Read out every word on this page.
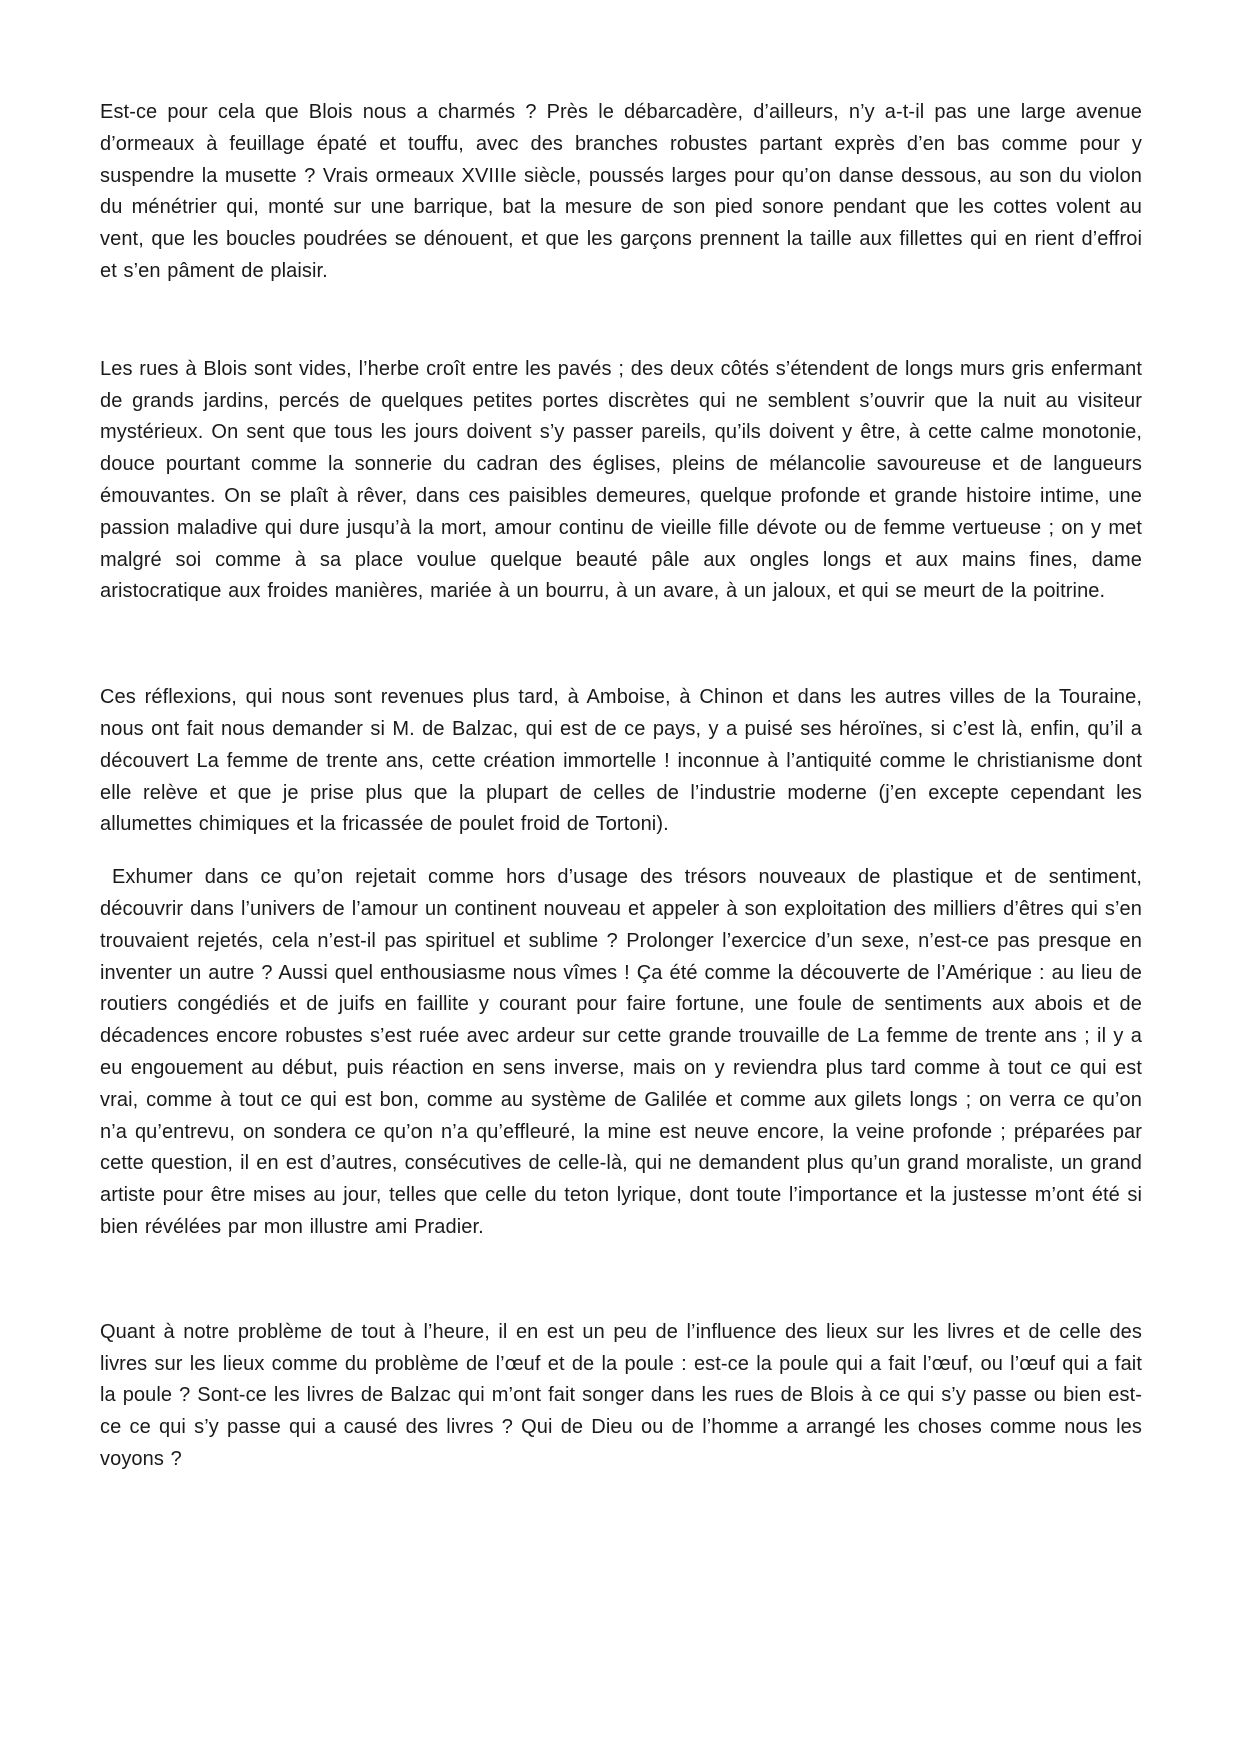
Est-ce pour cela que Blois nous a charmés ? Près le débarcadère, d’ailleurs, n’y a-t-il pas une large avenue d’ormeaux à feuillage épaté et touffu, avec des branches robustes partant exprès d’en bas comme pour y suspendre la musette ? Vrais ormeaux XVIIIe siècle, poussés larges pour qu’on danse dessous, au son du violon du ménétrier qui, monté sur une barrique, bat la mesure de son pied sonore pendant que les cottes volent au vent, que les boucles poudrées se dénouent, et que les garçons prennent la taille aux fillettes qui en rient d’effroi et s’en pâment de plaisir.

Les rues à Blois sont vides, l’herbe croît entre les pavés ; des deux côtés s’étendent de longs murs gris enfermant de grands jardins, percés de quelques petites portes discrètes qui ne semblent s’ouvrir que la nuit au visiteur mystérieux. On sent que tous les jours doivent s’y passer pareils, qu’ils doivent y être, à cette calme monotonie, douce pourtant comme la sonnerie du cadran des églises, pleins de mélancolie savoureuse et de langueurs émouvantes. On se plaît à rêver, dans ces paisibles demeures, quelque profonde et grande histoire intime, une passion maladive qui dure jusqu’à la mort, amour continu de vieille fille dévote ou de femme vertueuse ; on y met malgré soi comme à sa place voulue quelque beauté pâle aux ongles longs et aux mains fines, dame aristocratique aux froides manières, mariée à un bourru, à un avare, à un jaloux, et qui se meurt de la poitrine.

Ces réflexions, qui nous sont revenues plus tard, à Amboise, à Chinon et dans les autres villes de la Touraine, nous ont fait nous demander si M. de Balzac, qui est de ce pays, y a puisé ses héroïnes, si c’est là, enfin, qu’il a découvert La femme de trente ans, cette création immortelle ! inconnue à l’antiquité comme le christianisme dont elle relève et que je prise plus que la plupart de celles de l’industrie moderne (j’en excepte cependant les allumettes chimiques et la fricassée de poulet froid de Tortoni).

Exhumer dans ce qu’on rejetait comme hors d’usage des trésors nouveaux de plastique et de sentiment, découvrir dans l’univers de l’amour un continent nouveau et appeler à son exploitation des milliers d’êtres qui s’en trouvaient rejetés, cela n’est-il pas spirituel et sublime ? Prolonger l’exercice d’un sexe, n’est-ce pas presque en inventer un autre ? Aussi quel enthousiasme nous vîmes ! Ça été comme la découverte de l’Amérique : au lieu de routiers congédiés et de juifs en faillite y courant pour faire fortune, une foule de sentiments aux abois et de décadences encore robustes s’est ruée avec ardeur sur cette grande trouvaille de La femme de trente ans ; il y a eu engouement au début, puis réaction en sens inverse, mais on y reviendra plus tard comme à tout ce qui est vrai, comme à tout ce qui est bon, comme au système de Galilée et comme aux gilets longs ; on verra ce qu’on n’a qu’entrevu, on sondera ce qu’on n’a qu’effleuré, la mine est neuve encore, la veine profonde ; préparées par cette question, il en est d’autres, consécutives de celle-là, qui ne demandent plus qu’un grand moraliste, un grand artiste pour être mises au jour, telles que celle du teton lyrique, dont toute l’importance et la justesse m’ont été si bien révélées par mon illustre ami Pradier.

Quant à notre problème de tout à l’heure, il en est un peu de l’influence des lieux sur les livres et de celle des livres sur les lieux comme du problème de l’œuf et de la poule : est-ce la poule qui a fait l’œuf, ou l’œuf qui a fait la poule ? Sont-ce les livres de Balzac qui m’ont fait songer dans les rues de Blois à ce qui s’y passe ou bien est-ce ce qui s’y passe qui a causé des livres ? Qui de Dieu ou de l’homme a arrangé les choses comme nous les voyons ?
